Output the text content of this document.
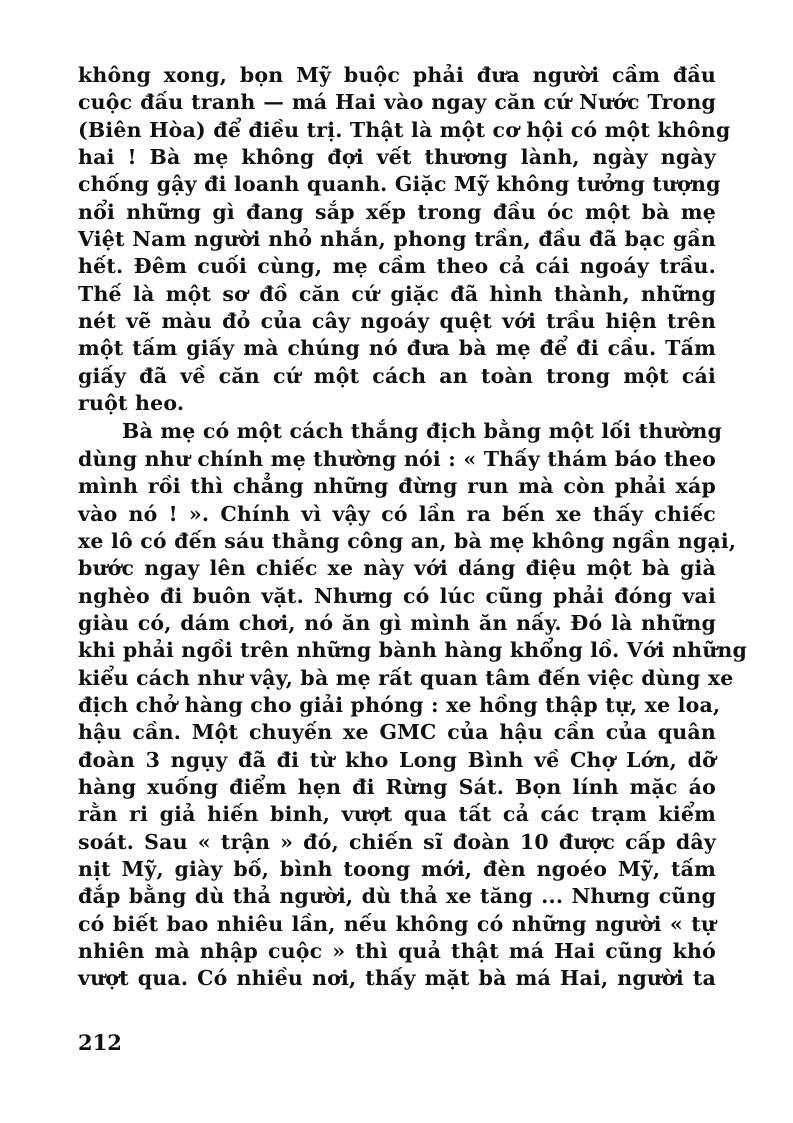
không xong, bọn Mỹ buộc phải đưa người cầm đầu
cuộc đấu tranh — má Hai vào ngay căn cứ Nước Trong
(Biên Hòa) để điều trị. Thật là một cơ hội có một không
hai ! Bà mẹ không đợi vết thương lành, ngày ngày
chống gậy đi loanh quanh. Giặc Mỹ không tưởng tượng
nổi những gì đang sắp xếp trong đầu óc một bà mẹ
Việt Nam người nhỏ nhắn, phong trần, đầu đã bạc gần
hết. Đêm cuối cùng, mẹ cầm theo cả cái ngoáy trầu.
Thế là một sơ đồ căn cứ giặc đã hình thành, những
nét vẽ màu đỏ của cây ngoáy quệt với trầu hiện trên
một tấm giấy mà chúng nó đưa bà mẹ để đi cầu. Tấm
giấy đã về căn cứ một cách an toàn trong một cái
ruột heo.
Bà mẹ có một cách thắng địch bằng một lối thường
dùng như chính mẹ thường nói : « Thấy thám báo theo
mình rồi thì chẳng những đừng run mà còn phải xáp
vào nó ! ». Chính vì vậy có lần ra bến xe thấy chiếc
xe lô có đến sáu thằng công an, bà mẹ không ngần ngại,
bước ngay lên chiếc xe này với dáng điệu một bà già
nghèo đi buôn vặt. Nhưng có lúc cũng phải đóng vai
giàu có, dám chơi, nó ăn gì mình ăn nấy. Đó là những
khi phải ngồi trên những bành hàng khổng lồ. Với những
kiểu cách như vậy, bà mẹ rất quan tâm đến việc dùng xe
địch chở hàng cho giải phóng : xe hồng thập tự, xe loa,
hậu cần. Một chuyến xe GMC của hậu cần của quân
đoàn 3 ngụy đã đi từ kho Long Bình về Chợ Lớn, dỡ
hàng xuống điểm hẹn đi Rừng Sát. Bọn lính mặc áo
rằn ri giả hiến binh, vượt qua tất cả các trạm kiểm
soát. Sau « trận » đó, chiến sĩ đoàn 10 được cấp dây
nịt Mỹ, giày bố, bình toong mới, đèn ngoéo Mỹ, tấm
đắp bằng dù thả người, dù thả xe tăng ... Nhưng cũng
có biết bao nhiêu lần, nếu không có những người « tự
nhiên mà nhập cuộc » thì quả thật má Hai cũng khó
vượt qua. Có nhiều nơi, thấy mặt bà má Hai, người ta
212
